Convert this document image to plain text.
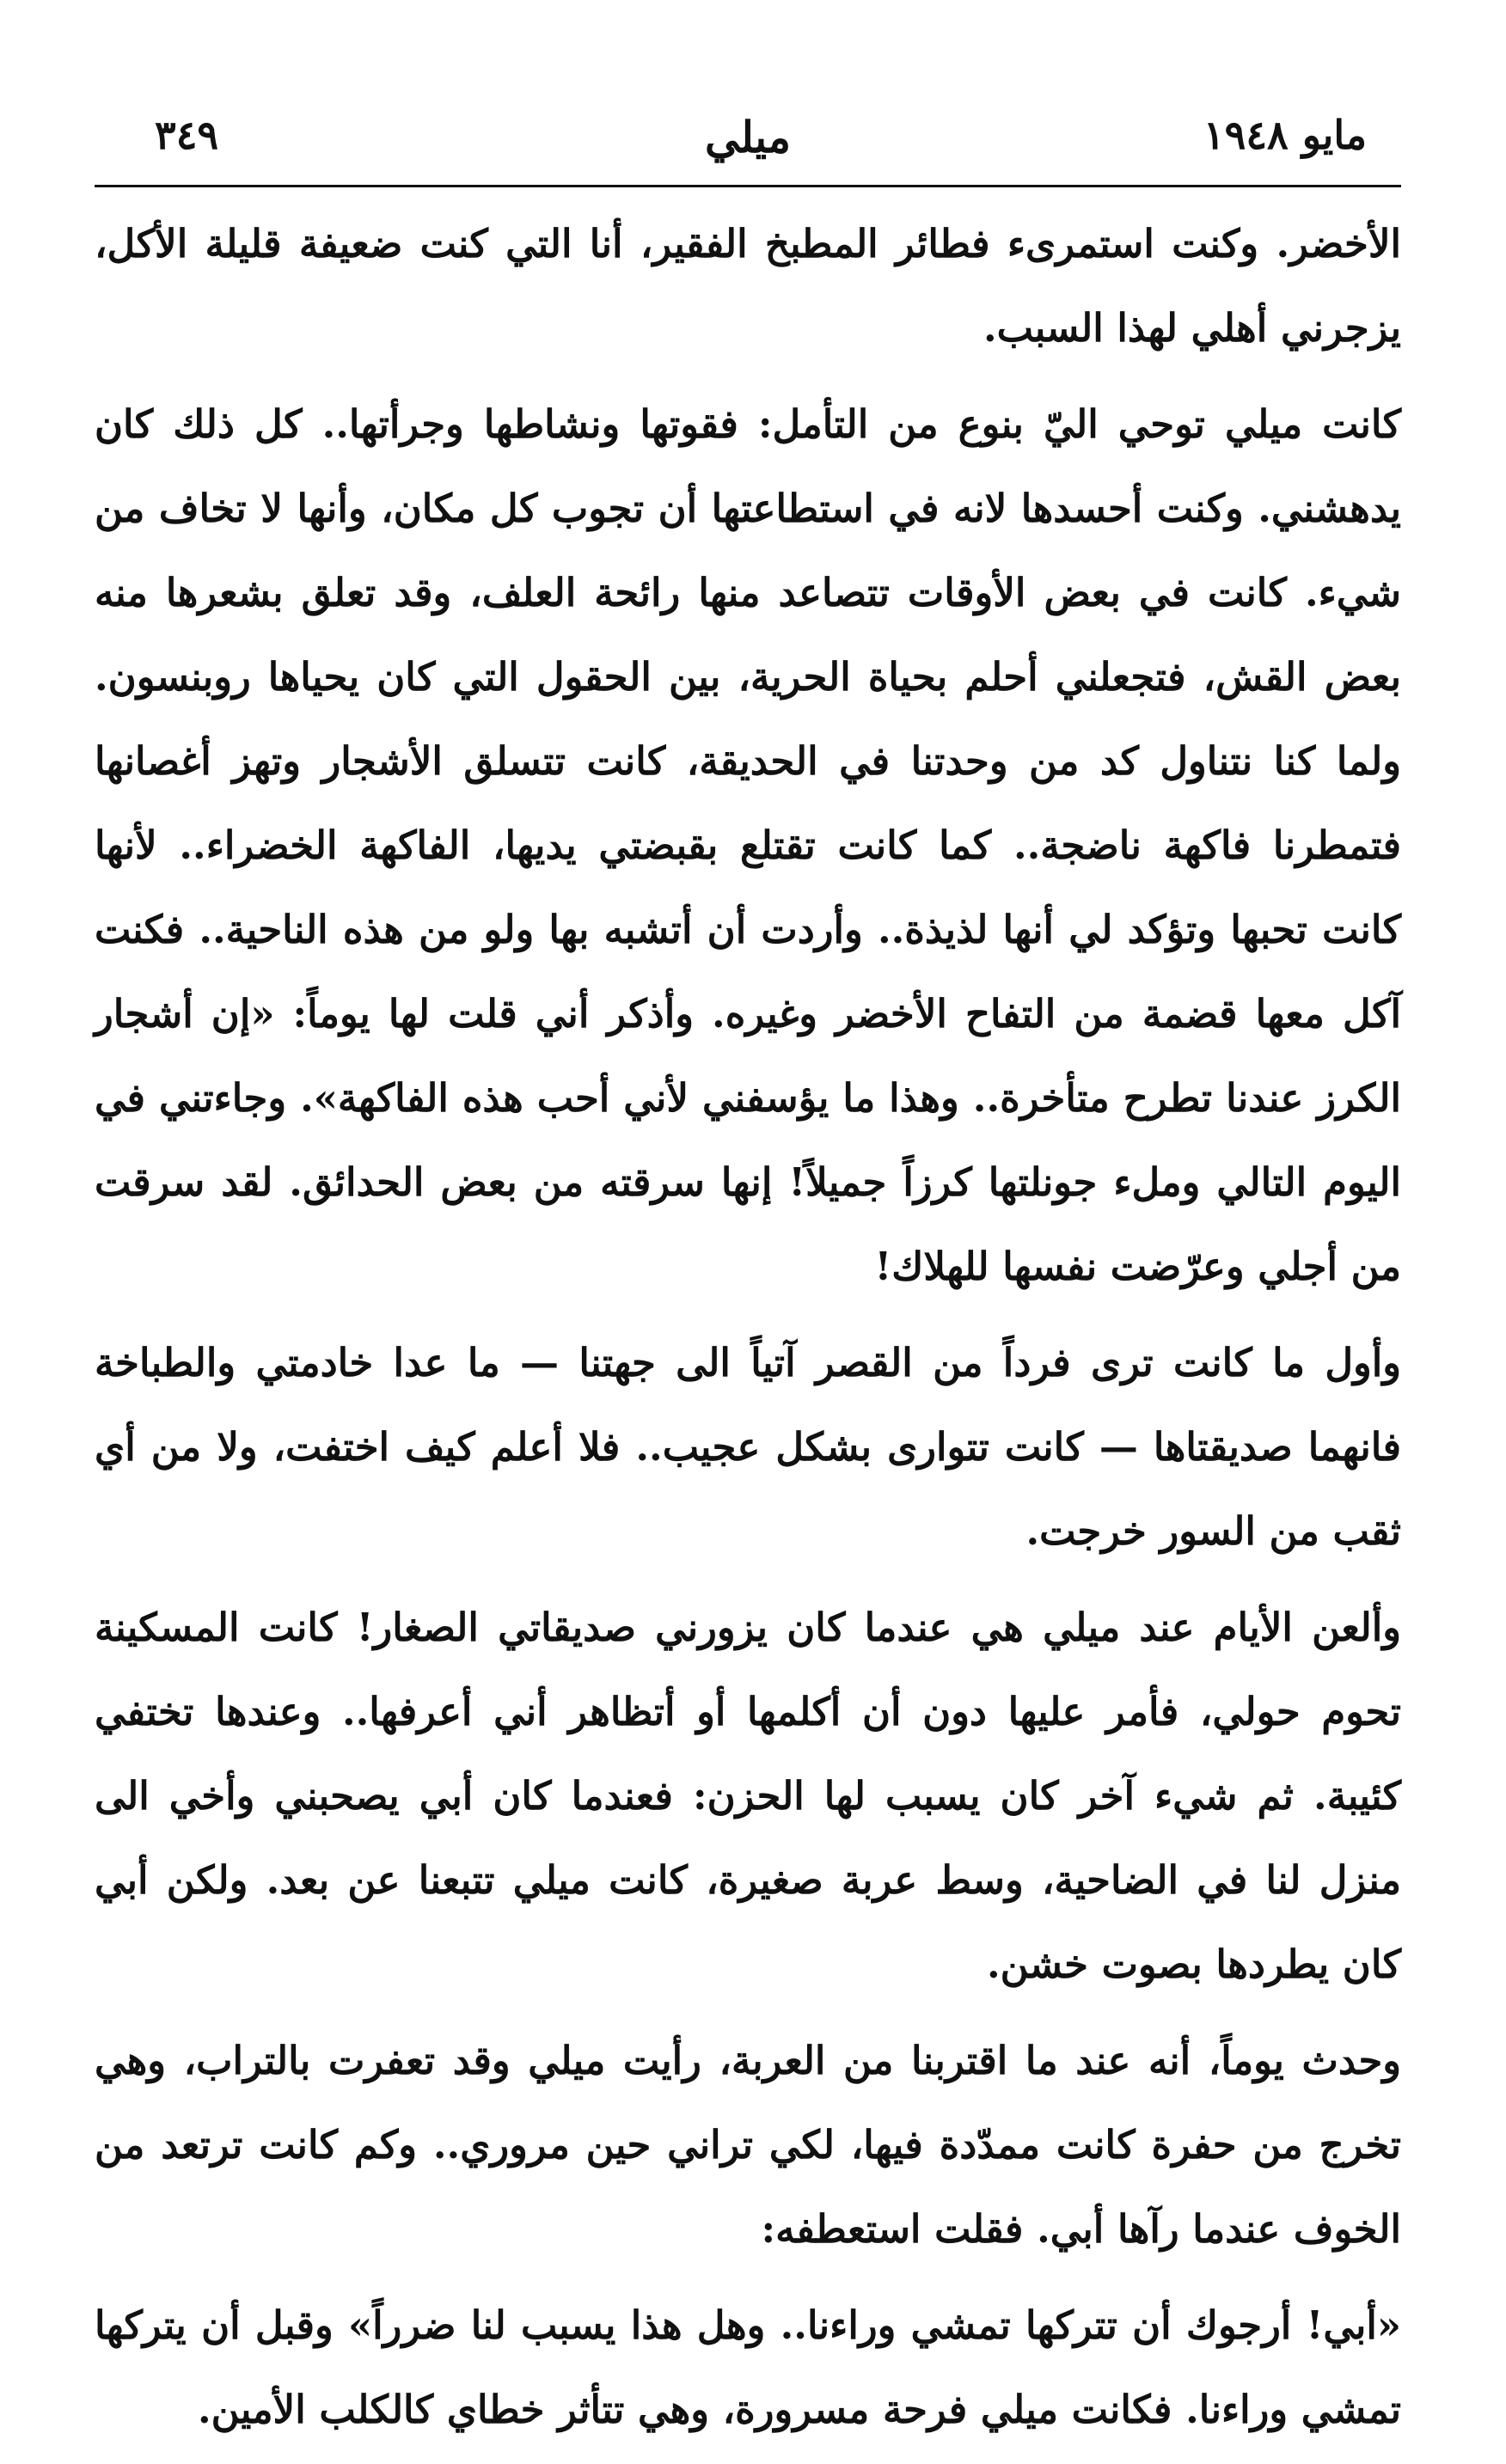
٣٤٩	ميلي	مايو ١٩٤٨

الأخضر. وكنت استمرىء فطائر المطبخ الفقير، أنا التي كنت ضعيفة قليلة الأكل، يزجرني أهلي لهذا السبب.

كانت ميلي توحي اليّ بنوع من التأمل: فقوتها ونشاطها وجرأتها.. كل ذلك كان يدهشني. وكنت أحسدها لانه في استطاعتها أن تجوب كل مكان، وأنها لا تخاف من شيء. كانت في بعض الأوقات تتصاعد منها رائحة العلف، وقد تعلق بشعرها منه بعض القش، فتجعلني أحلم بحياة الحرية، بين الحقول التي كان يحياها روبنسون. ولما كنا نتناول كد من وحدتنا في الحديقة، كانت تتسلق الأشجار وتهز أغصانها فتمطرنا فاكهة ناضجة.. كما كانت تقتلع بقبضتي يديها، الفاكهة الخضراء.. لأنها كانت تحبها وتؤكد لي أنها لذيذة.. وأردت أن أتشبه بها ولو من هذه الناحية.. فكنت آكل معها قضمة من التفاح الأخضر وغيره. وأذكر أني قلت لها يوماً: «إن أشجار الكرز عندنا تطرح متأخرة.. وهذا ما يؤسفني لأني أحب هذه الفاكهة». وجاءتني في اليوم التالي وملء جونلتها كرزاً جميلاً! إنها سرقته من بعض الحدائق. لقد سرقت من أجلي وعرّضت نفسها للهلاك!

وأول ما كانت ترى فرداً من القصر آتياً الى جهتنا — ما عدا خادمتي والطباخة فانهما صديقتاها — كانت تتوارى بشكل عجيب.. فلا أعلم كيف اختفت، ولا من أي ثقب من السور خرجت.

وألعن الأيام عند ميلي هي عندما كان يزورني صديقاتي الصغار! كانت المسكينة تحوم حولي، فأمر عليها دون أن أكلمها أو أتظاهر أني أعرفها.. وعندها تختفي كئيبة. ثم شيء آخر كان يسبب لها الحزن: فعندما كان أبي يصحبني وأخي الى منزل لنا في الضاحية، وسط عربة صغيرة، كانت ميلي تتبعنا عن بعد. ولكن أبي كان يطردها بصوت خشن.

وحدث يوماً، أنه عند ما اقتربنا من العربة، رأيت ميلي وقد تعفرت بالتراب، وهي تخرج من حفرة كانت ممدّدة فيها، لكي تراني حين مروري.. وكم كانت ترتعد من الخوف عندما رآها أبي. فقلت استعطفه:

«أبي! أرجوك أن تتركها تمشي وراءنا.. وهل هذا يسبب لنا ضرراً» وقبل أن يتركها تمشي وراءنا. فكانت ميلي فرحة مسرورة، وهي تتأثر خطاي كالكلب الأمين.
